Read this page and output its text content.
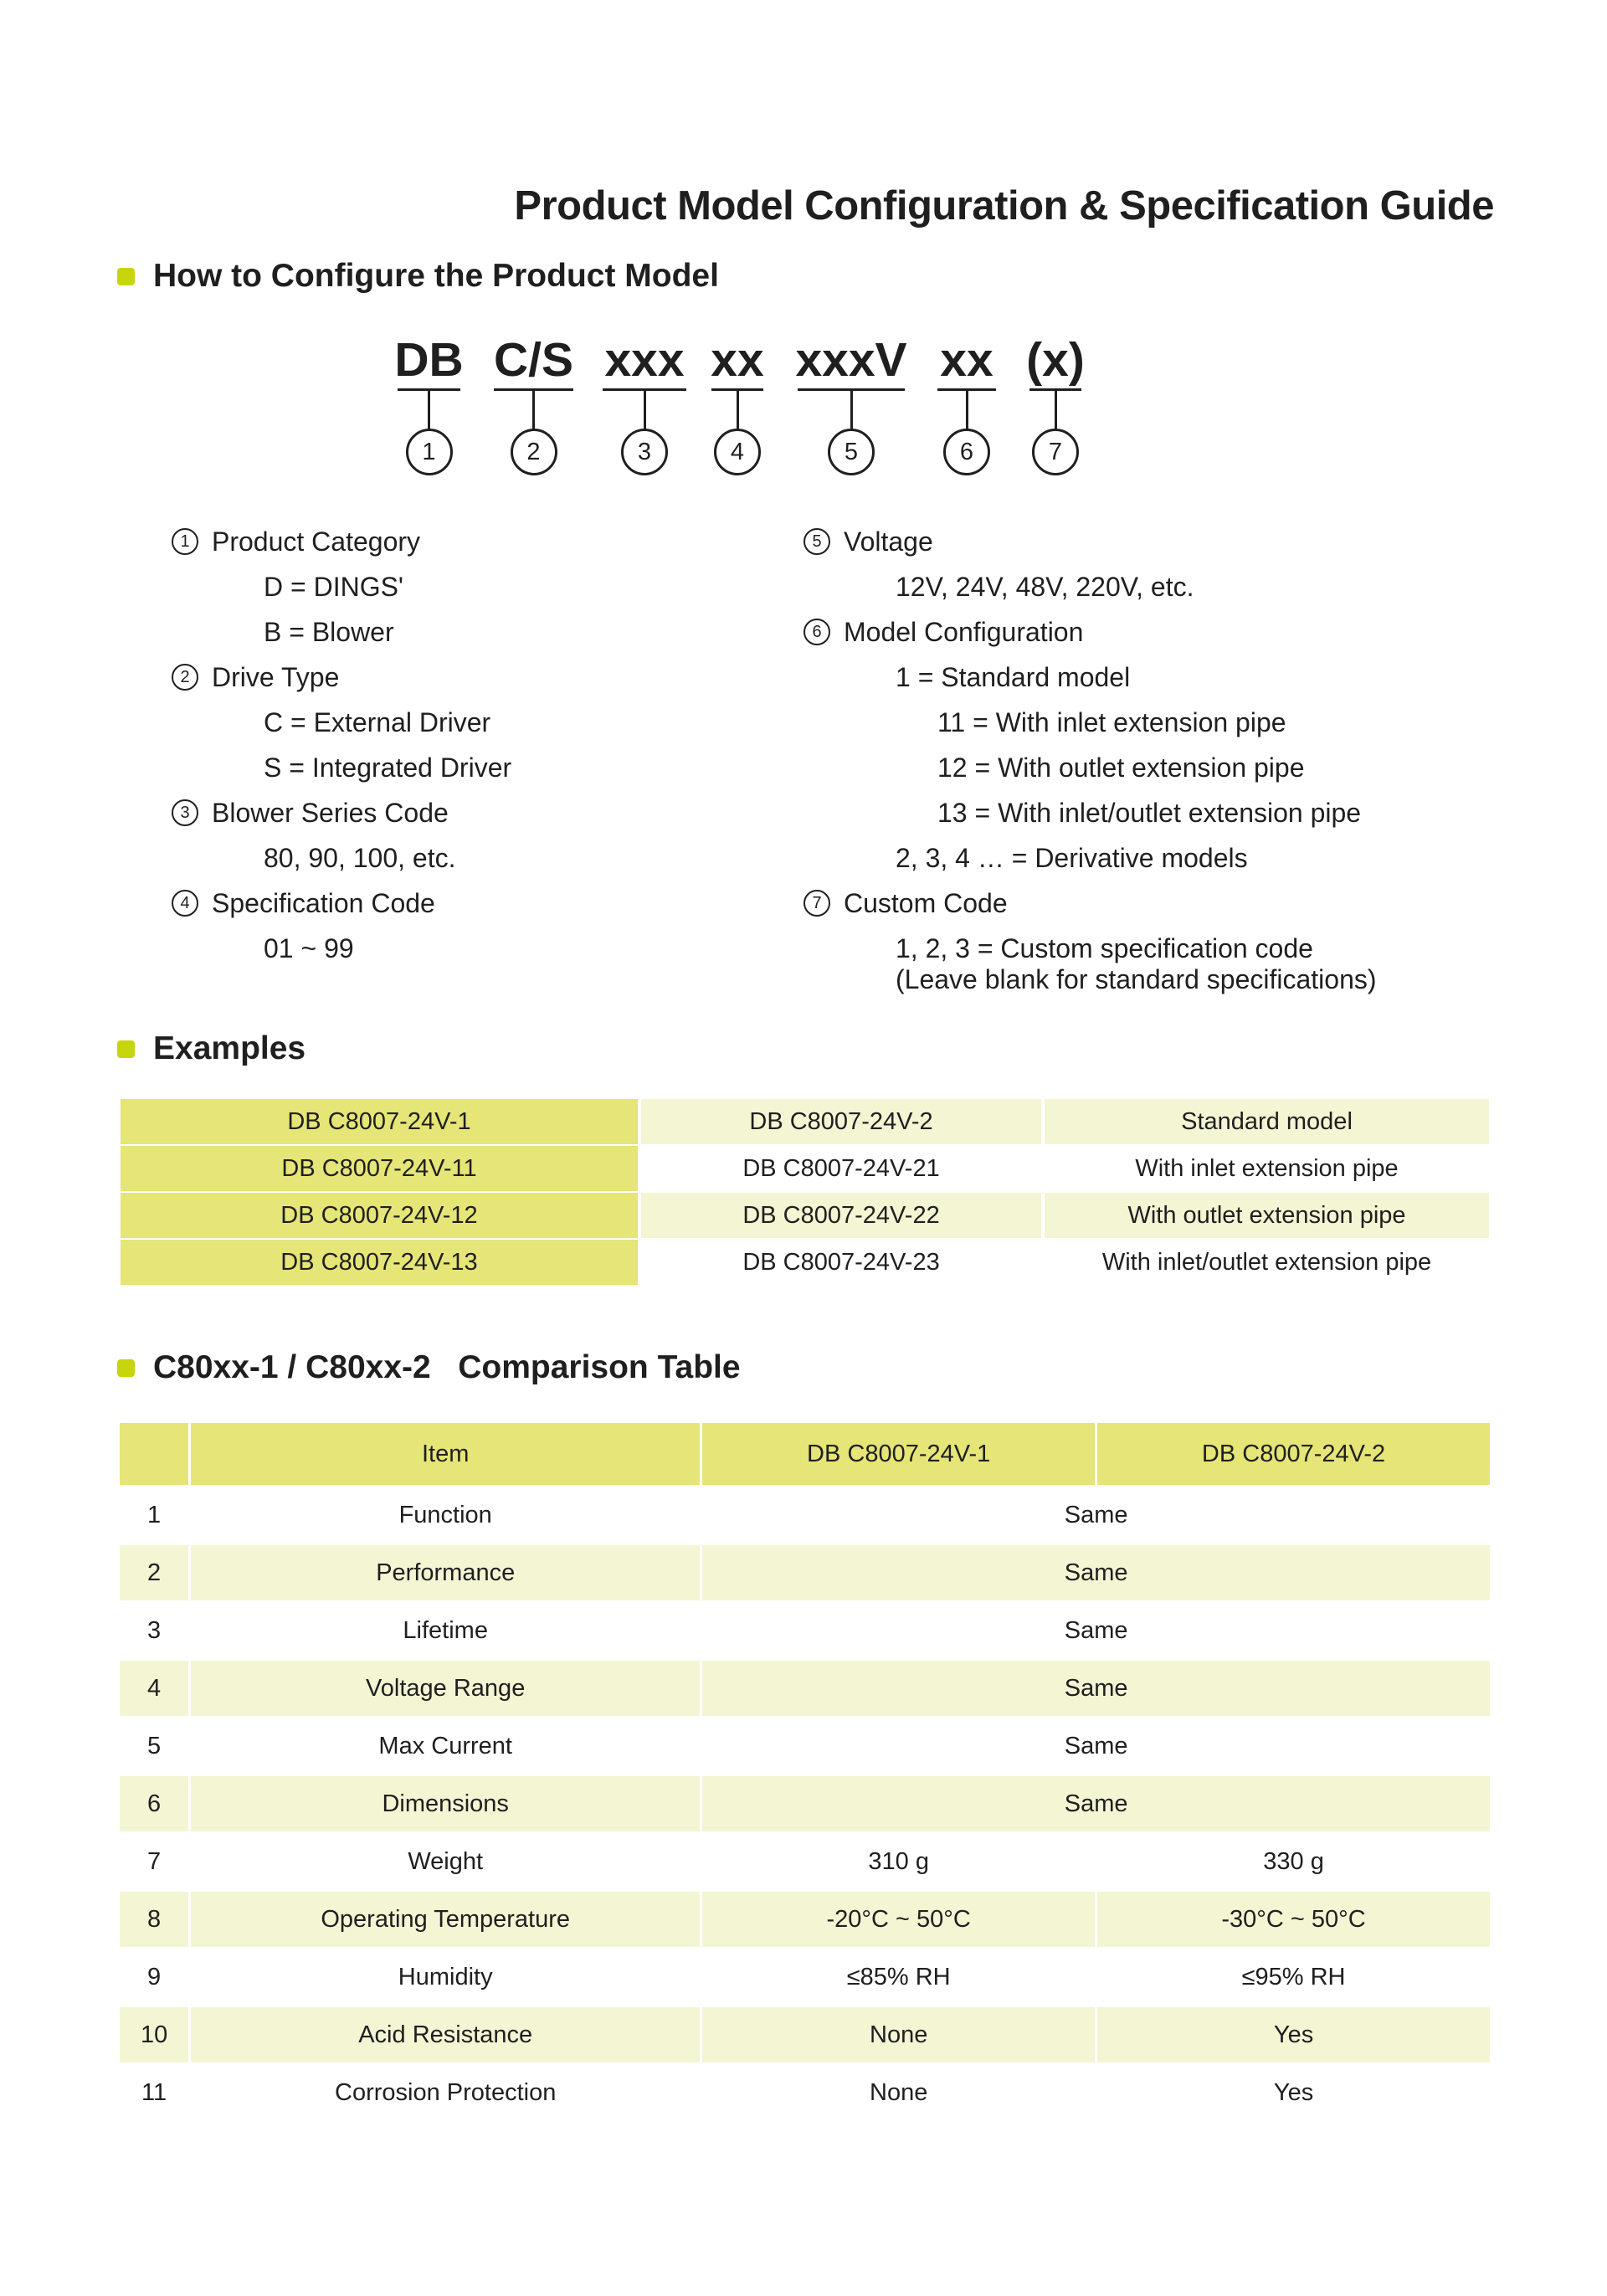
Product Model Configuration & Specification Guide
How to Configure the Product Model
DB
1
C/S
2
xxx
3
xx
4
xxxV
5
xx
6
(x)
7
1 Product Category
D = DINGS'
B = Blower
2 Drive Type
C = External Driver
S = Integrated Driver
3 Blower Series Code
80, 90, 100, etc.
4 Specification Code
01 ~ 99
5 Voltage
12V, 24V, 48V, 220V, etc.
6 Model Configuration
1 = Standard model
11 = With inlet extension pipe
12 = With outlet extension pipe
13 = With inlet/outlet extension pipe
2, 3, 4 … = Derivative models
7 Custom Code
1, 2, 3 = Custom specification code
(Leave blank for standard specifications)
Examples
DB C8007-24V-1	DB C8007-24V-2	Standard model
DB C8007-24V-11	DB C8007-24V-21	With inlet extension pipe
DB C8007-24V-12	DB C8007-24V-22	With outlet extension pipe
DB C8007-24V-13	DB C8007-24V-23	With inlet/outlet extension pipe
C80xx-1 / C80xx-2   Comparison Table
	Item	DB C8007-24V-1	DB C8007-24V-2
1	Function	Same	
2	Performance	Same	
3	Lifetime	Same	
4	Voltage Range	Same	
5	Max Current	Same	
6	Dimensions	Same	
7	Weight	310 g	330 g
8	Operating Temperature	-20°C ~ 50°C	-30°C ~ 50°C
9	Humidity	≤85% RH	≤95% RH
10	Acid Resistance	None	Yes
11	Corrosion Protection	None	Yes
